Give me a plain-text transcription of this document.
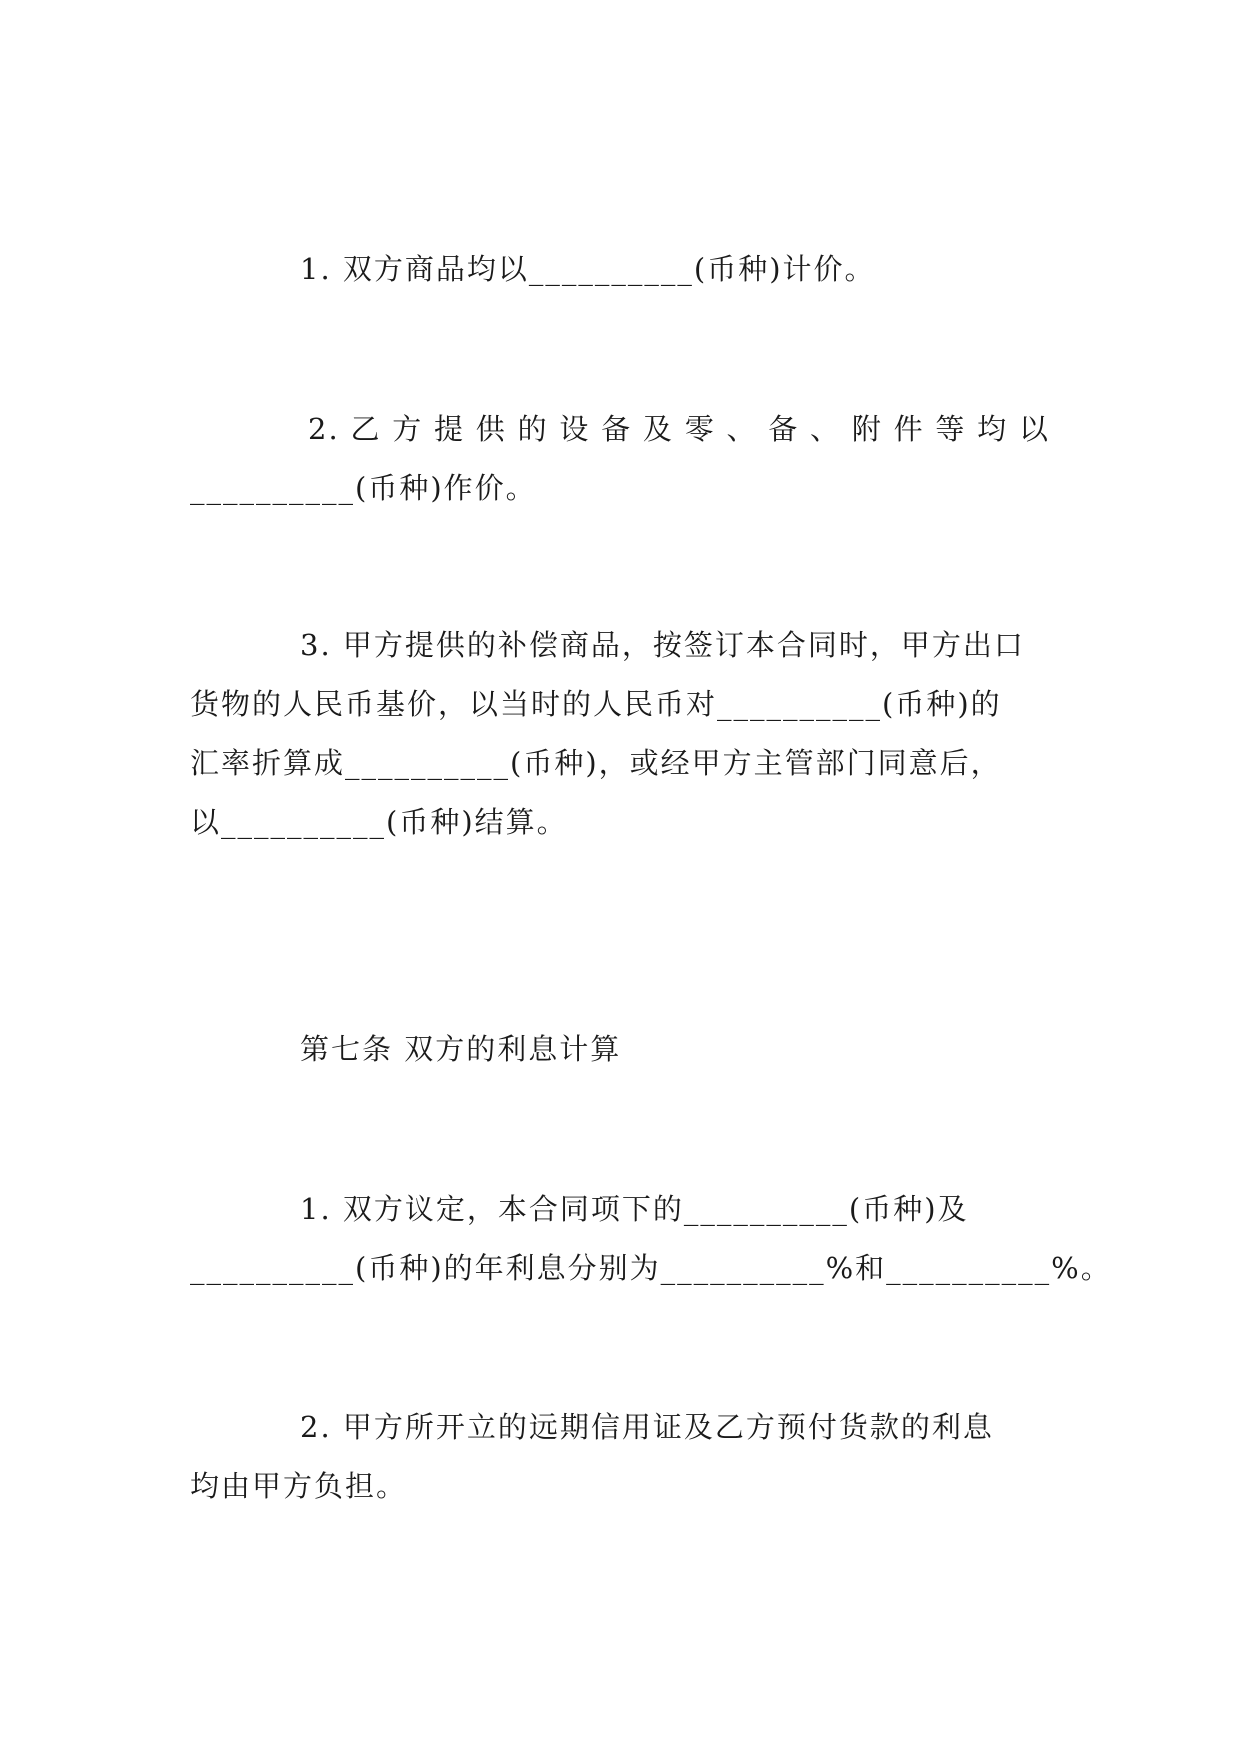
1. 双方商品均以__________(币种)计价。

2. 乙 方 提 供 的 设 备 及 零 、 备 、 附 件 等 均 以
__________(币种)作价。

3. 甲方提供的补偿商品，按签订本合同时，甲方出口
货物的人民币基价，以当时的人民币对__________(币种)的
汇率折算成__________(币种)，或经甲方主管部门同意后，
以__________(币种)结算。

第七条 双方的利息计算

1. 双方议定，本合同项下的__________(币种)及
__________(币种)的年利息分别为__________%和__________%。

2. 甲方所开立的远期信用证及乙方预付货款的利息
均由甲方负担。
